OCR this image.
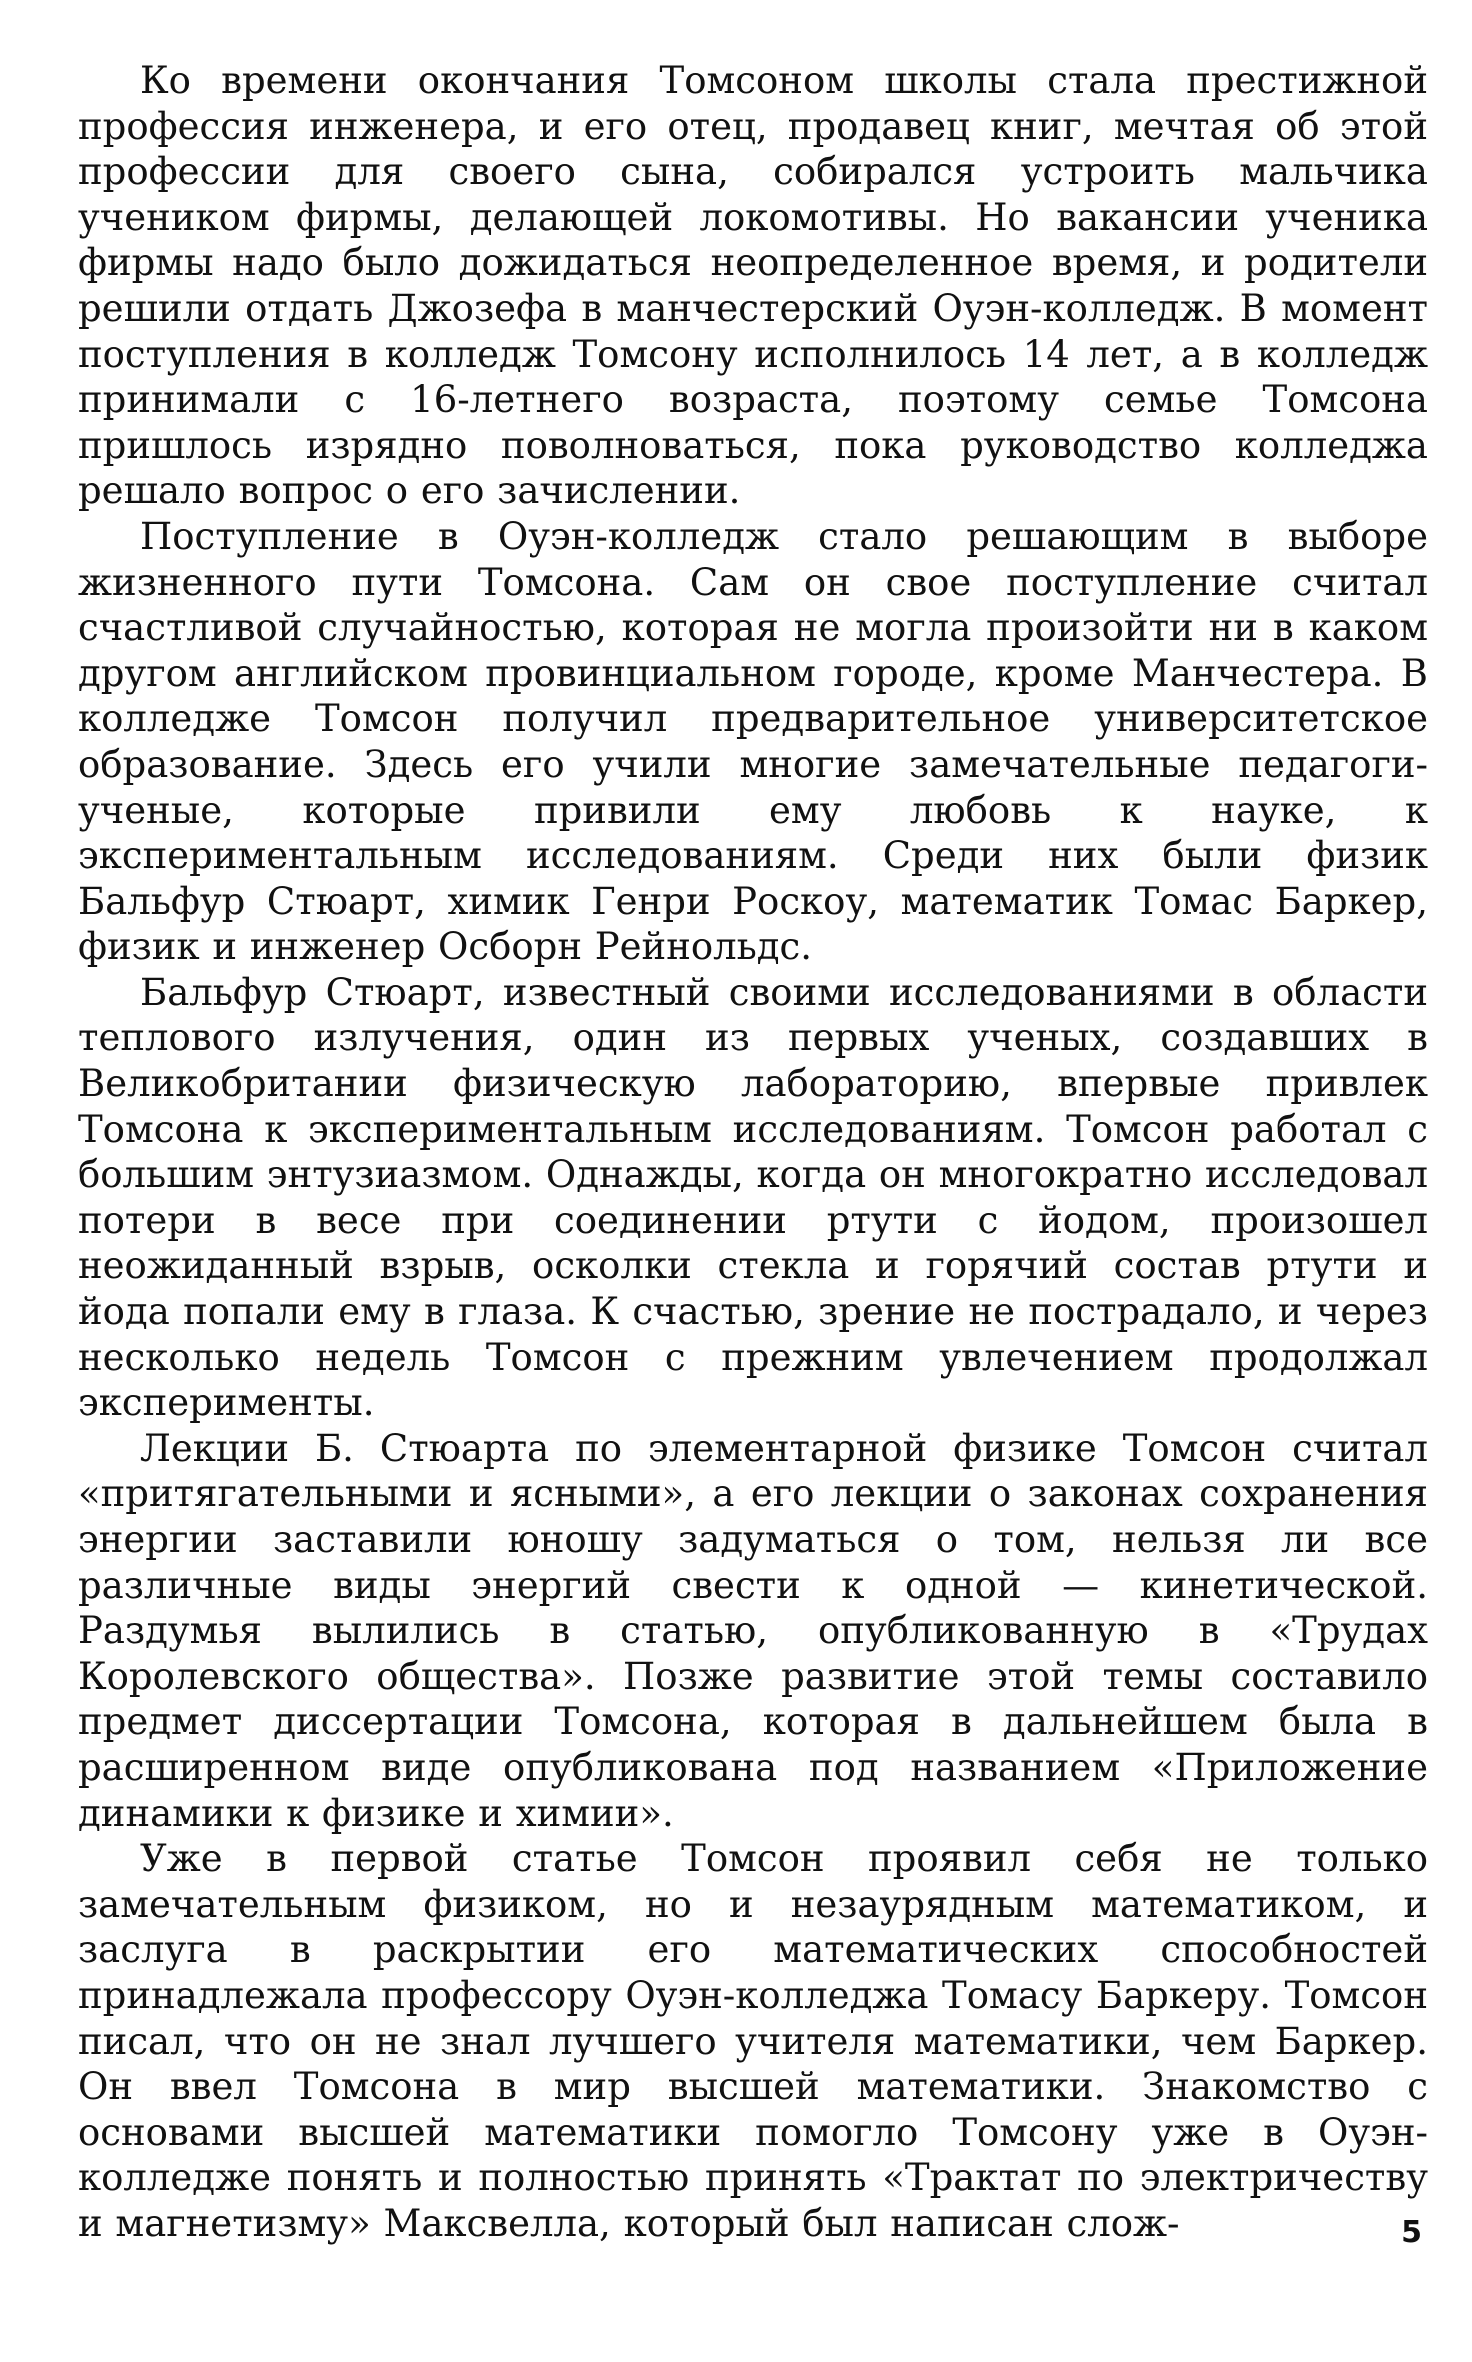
Ко времени окончания Томсоном школы стала престижной профессия инженера, и его отец, продавец книг, мечтая об этой профессии для своего сына, собирался устроить мальчика учеником фирмы, делающей локомотивы. Но вакансии ученика фирмы надо было дожидаться неопределенное время, и родители решили отдать Джозефа в манчестерский Оуэн-колледж. В момент поступления в колледж Томсону исполнилось 14 лет, а в колледж принимали с 16-летнего возраста, поэтому семье Томсона пришлось изрядно поволноваться, пока руководство колледжа решало вопрос о его зачислении.

Поступление в Оуэн-колледж стало решающим в выборе жизненного пути Томсона. Сам он свое поступление считал счастливой случайностью, которая не могла произойти ни в каком другом английском провинциальном городе, кроме Манчестера. В колледже Томсон получил предварительное университетское образование. Здесь его учили многие замечательные педагоги-ученые, которые привили ему любовь к науке, к экспериментальным исследованиям. Среди них были физик Бальфур Стюарт, химик Генри Роскоу, математик Томас Баркер, физик и инженер Осборн Рейнольдс.

Бальфур Стюарт, известный своими исследованиями в области теплового излучения, один из первых ученых, создавших в Великобритании физическую лабораторию, впервые привлек Томсона к экспериментальным исследованиям. Томсон работал с большим энтузиазмом. Однажды, когда он многократно исследовал потери в весе при соединении ртути с йодом, произошел неожиданный взрыв, осколки стекла и горячий состав ртути и йода попали ему в глаза. К счастью, зрение не пострадало, и через несколько недель Томсон с прежним увлечением продолжал эксперименты.

Лекции Б. Стюарта по элементарной физике Томсон считал «притягательными и ясными», а его лекции о законах сохранения энергии заставили юношу задуматься о том, нельзя ли все различные виды энергий свести к одной — кинетической. Раздумья вылились в статью, опубликованную в «Трудах Королевского общества». Позже развитие этой темы составило предмет диссертации Томсона, которая в дальнейшем была в расширенном виде опубликована под названием «Приложение динамики к физике и химии».

Уже в первой статье Томсон проявил себя не только замечательным физиком, но и незаурядным математиком, и заслуга в раскрытии его математических способностей принадлежала профессору Оуэн-колледжа Томасу Баркеру. Томсон писал, что он не знал лучшего учителя математики, чем Баркер. Он ввел Томсона в мир высшей математики. Знакомство с основами высшей математики помогло Томсону уже в Оуэн-колледже понять и полностью принять «Трактат по электричеству и магнетизму» Максвелла, который был написан слож-	5
